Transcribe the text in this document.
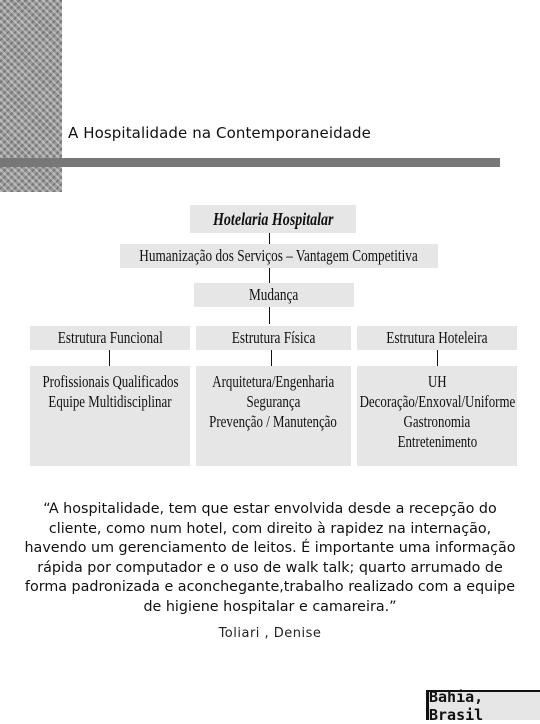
A Hospitalidade na Contemporaneidade
Hotelaria Hospitalar
Humanização dos Serviços – Vantagem Competitiva
Mudança
Estrutura Funcional	Estrutura Física	Estrutura Hoteleira
Profissionais Qualificados
Equipe Multidisciplinar
Arquitetura/Engenharia
Segurança
Prevenção / Manutenção
UH
Decoração/Enxoval/Uniforme
Gastronomia
Entretenimento
“A hospitalidade, tem que estar envolvida desde a recepção do
cliente, como num hotel, com direito à rapidez na internação,
havendo um gerenciamento de leitos. É importante uma informação
rápida por computador e o uso de walk talk; quarto arrumado de
forma padronizada e aconchegante,trabalho realizado com a equipe
de higiene hospitalar e camareira.”
Toliari , Denise
Bahia, Brasil
